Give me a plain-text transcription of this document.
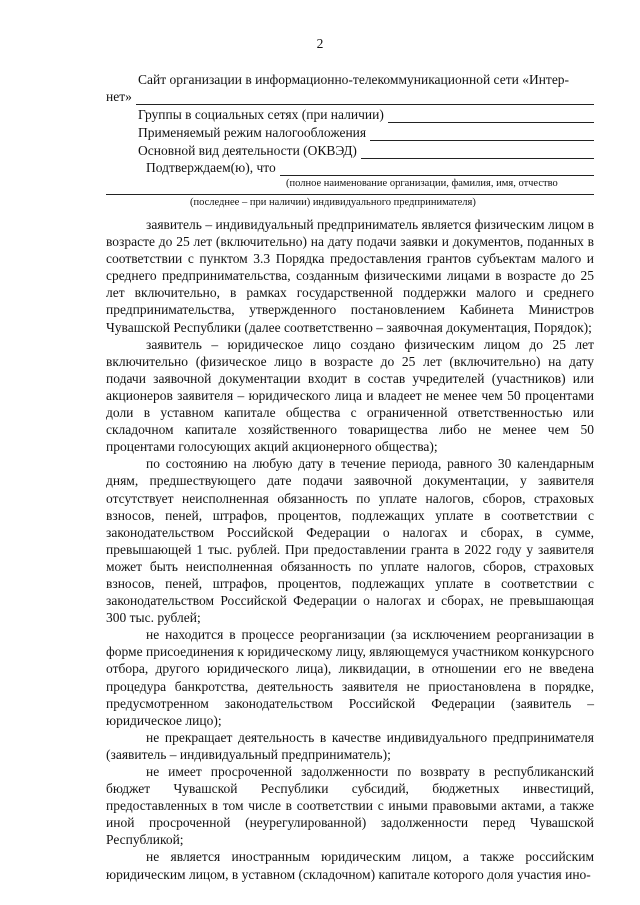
2
Сайт организации в информационно-телекоммуникационной сети «Интер-
нет»
Группы в социальных сетях (при наличии)
Применяемый режим налогообложения
Основной вид деятельности (ОКВЭД)
Подтверждаем(ю), что
(полное наименование организации, фамилия, имя, отчество
(последнее – при наличии) индивидуального предпринимателя)

заявитель – индивидуальный предприниматель является физическим лицом в возрасте до 25 лет (включительно) на дату подачи заявки и документов, поданных в соответствии с пунктом 3.3 Порядка предоставления грантов субъектам малого и среднего предпринимательства, созданным физическими лицами в возрасте до 25 лет включительно, в рамках государственной поддержки малого и среднего предпринимательства, утвержденного постановлением Кабинета Министров Чувашской Республики (далее соответственно – заявочная документация, Порядок);

заявитель – юридическое лицо создано физическим лицом до 25 лет включительно (физическое лицо в возрасте до 25 лет (включительно) на дату подачи заявочной документации входит в состав учредителей (участников) или акционеров заявителя – юридического лица и владеет не менее чем 50 процентами доли в уставном капитале общества с ограниченной ответственностью или складочном капитале хозяйственного товарищества либо не менее чем 50 процентами голосующих акций акционерного общества);

по состоянию на любую дату в течение периода, равного 30 календарным дням, предшествующего дате подачи заявочной документации, у заявителя отсутствует неисполненная обязанность по уплате налогов, сборов, страховых взносов, пеней, штрафов, процентов, подлежащих уплате в соответствии с законодательством Российской Федерации о налогах и сборах, в сумме, превышающей 1 тыс. рублей. При предоставлении гранта в 2022 году у заявителя может быть неисполненная обязанность по уплате налогов, сборов, страховых взносов, пеней, штрафов, процентов, подлежащих уплате в соответствии с законодательством Российской Федерации о налогах и сборах, не превышающая 300 тыс. рублей;

не находится в процессе реорганизации (за исключением реорганизации в форме присоединения к юридическому лицу, являющемуся участником конкурсного отбора, другого юридического лица), ликвидации, в отношении его не введена процедура банкротства, деятельность заявителя не приостановлена в порядке, предусмотренном законодательством Российской Федерации (заявитель – юридическое лицо);

не прекращает деятельность в качестве индивидуального предпринимателя (заявитель – индивидуальный предприниматель);

не имеет просроченной задолженности по возврату в республиканский бюджет Чувашской Республики субсидий, бюджетных инвестиций, предоставленных в том числе в соответствии с иными правовыми актами, а также иной просроченной (неурегулированной) задолженности перед Чувашской Республикой;

не является иностранным юридическим лицом, а также российским юридическим лицом, в уставном (складочном) капитале которого доля участия ино-
